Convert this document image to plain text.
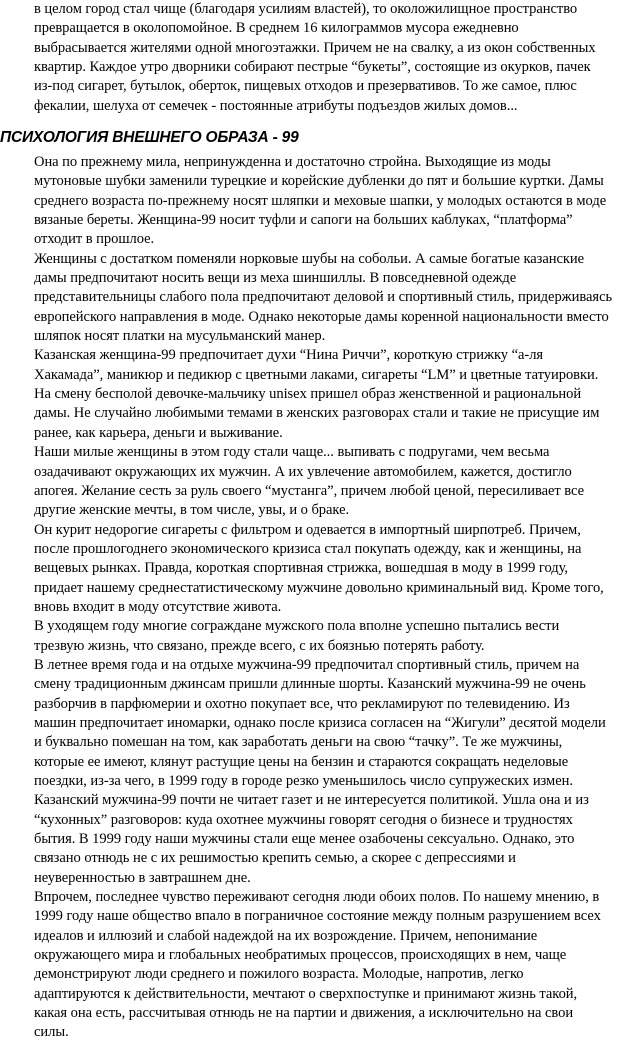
в целом город стал чище (благодаря усилиям властей), то околожилищное пространство
превращается в околопомойное. В среднем 16 килограммов мусора ежедневно
выбрасывается жителями одной многоэтажки. Причем не на свалку, а из окон собственных
квартир. Каждое утро дворники собирают пестрые “букеты”, состоящие из окурков, пачек
из-под сигарет, бутылок, оберток, пищевых отходов и презервативов. То же самое, плюс
фекалии, шелуха от семечек - постоянные атрибуты подъездов жилых домов...
ПСИХОЛОГИЯ ВНЕШНЕГО ОБРАЗА - 99
Она по прежнему мила, непринужденна и достаточно стройна. Выходящие из моды
мутоновые шубки заменили турецкие и корейские дубленки до пят и большие куртки. Дамы
среднего возраста по-прежнему носят шляпки и меховые шапки, у молодых остаются в моде
вязаные береты. Женщина-99 носит туфли и сапоги на больших каблуках, “платформа”
отходит в прошлое.
Женщины с достатком поменяли норковые шубы на собольи. А самые богатые казанские
дамы предпочитают носить вещи из меха шиншиллы. В повседневной одежде
представительницы слабого пола предпочитают деловой и спортивный стиль, придерживаясь
европейского направления в моде. Однако некоторые дамы коренной национальности вместо
шляпок носят платки на мусульманский манер.
Казанская женщина-99 предпочитает духи “Нина Риччи”, короткую стрижку “а-ля
Хакамада”, маникюр и педикюр с цветными лаками, сигареты “LM” и цветные татуировки.
На смену бесполой девочке-мальчику unisex пришел образ женственной и рациональной
дамы. Не случайно любимыми темами в женских разговорах стали и такие не присущие им
ранее, как карьера, деньги и выживание.
Наши милые женщины в этом году стали чаще... выпивать с подругами, чем весьма
озадачивают окружающих их мужчин. А их увлечение автомобилем, кажется, достигло
апогея. Желание сесть за руль своего “мустанга”, причем любой ценой, пересиливает все
другие женские мечты, в том числе, увы, и о браке.
Он курит недорогие сигареты с фильтром и одевается в импортный ширпотреб. Причем,
после прошлогоднего экономического кризиса стал покупать одежду, как и женщины, на
вещевых рынках. Правда, короткая спортивная стрижка, вошедшая в моду в 1999 году,
придает нашему среднестатистическому мужчине довольно криминальный вид. Кроме того,
вновь входит в моду отсутствие живота.
В уходящем году многие сограждане мужского пола вполне успешно пытались вести
трезвую жизнь, что связано, прежде всего, с их боязнью потерять работу.
В летнее время года и на отдыхе мужчина-99 предпочитал спортивный стиль, причем на
смену традиционным джинсам пришли длинные шорты. Казанский мужчина-99 не очень
разборчив в парфюмерии и охотно покупает все, что рекламируют по телевидению. Из
машин предпочитает иномарки, однако после кризиса согласен на “Жигули” десятой модели
и буквально помешан на том, как заработать деньги на свою “тачку”. Те же мужчины,
которые ее имеют, клянут растущие цены на бензин и стараются сокращать неделовые
поездки, из-за чего, в 1999 году в городе резко уменьшилось число супружеских измен.
Казанский мужчина-99 почти не читает газет и не интересуется политикой. Ушла она и из
“кухонных” разговоров: куда охотнее мужчины говорят сегодня о бизнесе и трудностях
бытия. В 1999 году наши мужчины стали еще менее озабочены сексуально. Однако, это
связано отнюдь не с их решимостью крепить семью, а скорее с депрессиями и
неуверенностью в завтрашнем дне.
Впрочем, последнее чувство переживают сегодня люди обоих полов. По нашему мнению, в
1999 году наше общество впало в пограничное состояние между полным разрушением всех
идеалов и иллюзий и слабой надеждой на их возрождение. Причем, непонимание
окружающего мира и глобальных необратимых процессов, происходящих в нем, чаще
демонстрируют люди среднего и пожилого возраста. Молодые, напротив, легко
адаптируются к действительности, мечтают о сверхпоступке и принимают жизнь такой,
какая она есть, рассчитывая отнюдь не на партии и движения, а исключительно на свои
силы.
